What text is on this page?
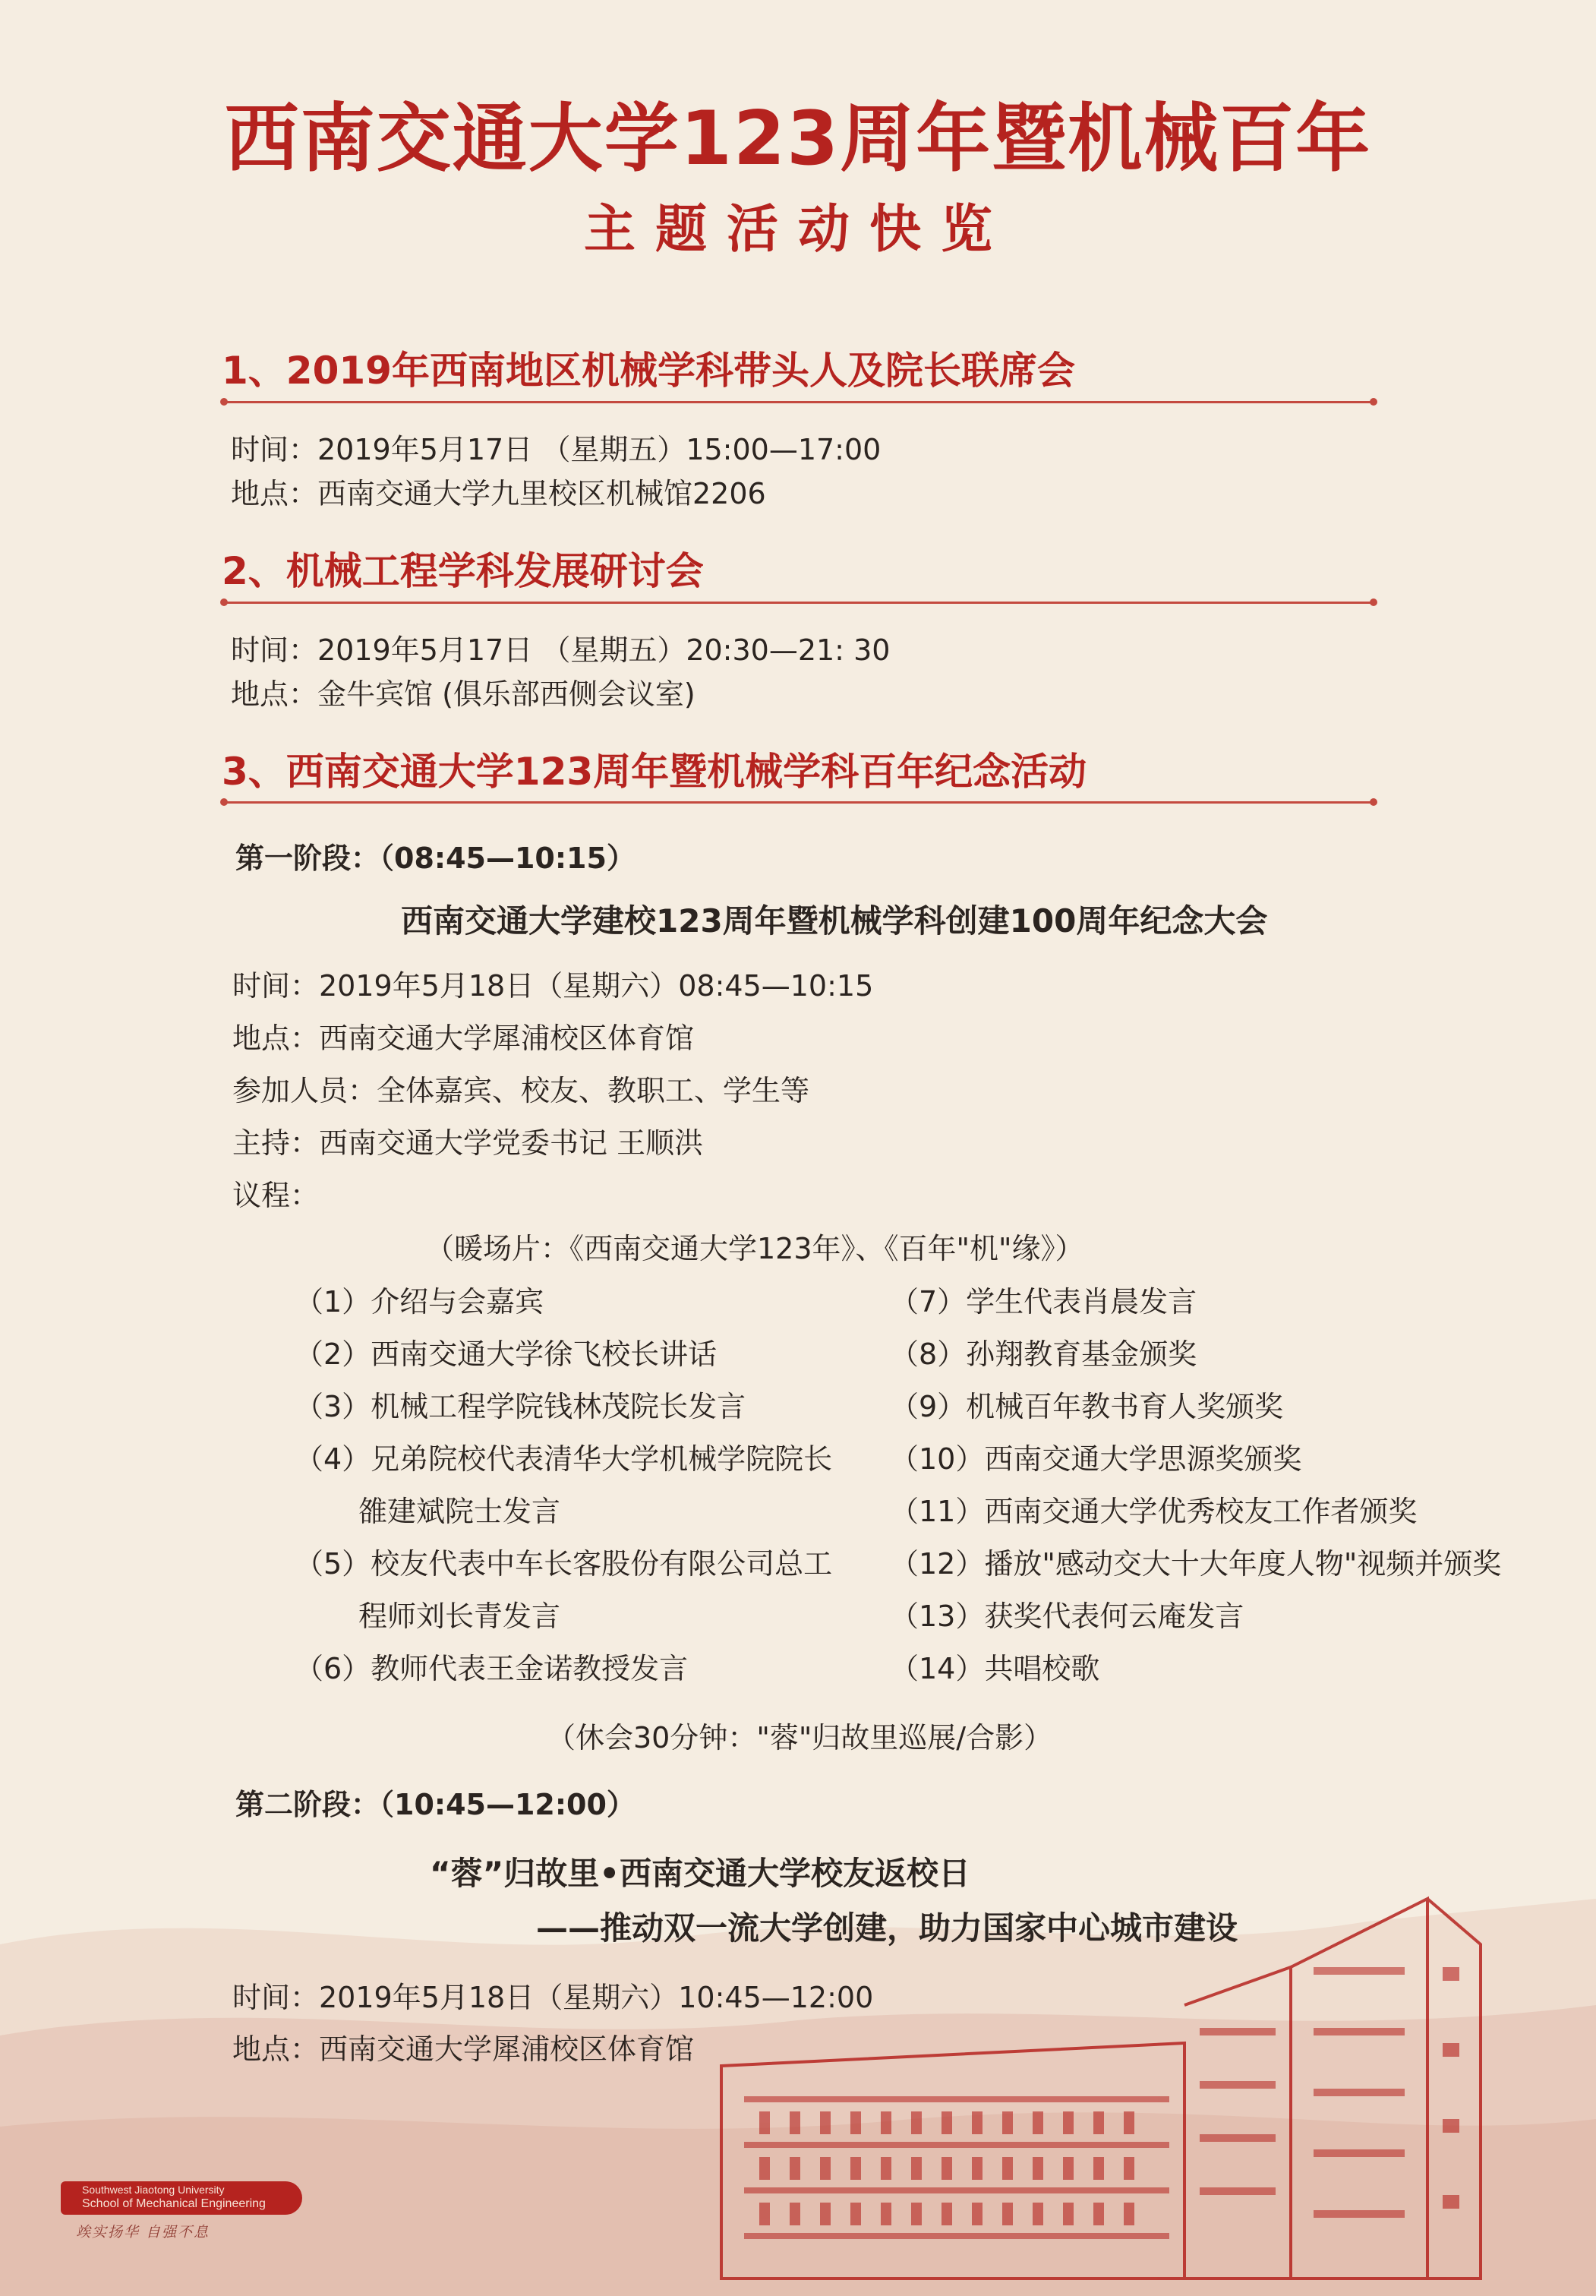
西南交通大学123周年暨机械百年
主题活动快览
1、2019年西南地区机械学科带头人及院长联席会
时间：2019年5月17日 （星期五）15:00—17:00
地点：西南交通大学九里校区机械馆2206
2、机械工程学科发展研讨会
时间：2019年5月17日 （星期五）20:30—21: 30
地点：金牛宾馆 (俱乐部西侧会议室)
3、西南交通大学123周年暨机械学科百年纪念活动
第一阶段：（08:45—10:15）
西南交通大学建校123周年暨机械学科创建100周年纪念大会
时间：2019年5月18日（星期六）08:45—10:15
地点：西南交通大学犀浦校区体育馆
参加人员：全体嘉宾、校友、教职工、学生等
主持：西南交通大学党委书记 王顺洪
议程：
（暖场片：《西南交通大学123年》、《百年"机"缘》）
（1）介绍与会嘉宾
（2）西南交通大学徐飞校长讲话
（3）机械工程学院钱林茂院长发言
（4）兄弟院校代表清华大学机械学院院长
雒建斌院士发言
（5）校友代表中车长客股份有限公司总工
程师刘长青发言
（6）教师代表王金诺教授发言
（7）学生代表肖晨发言
（8）孙翔教育基金颁奖
（9）机械百年教书育人奖颁奖
（10）西南交通大学思源奖颁奖
（11）西南交通大学优秀校友工作者颁奖
（12）播放"感动交大十大年度人物"视频并颁奖
（13）获奖代表何云庵发言
（14）共唱校歌
（休会30分钟："蓉"归故里巡展/合影）
第二阶段：（10:45—12:00）
“蓉”归故里•西南交通大学校友返校日
——推动双一流大学创建，助力国家中心城市建设
时间：2019年5月18日（星期六）10:45—12:00
地点：西南交通大学犀浦校区体育馆
Southwest Jiaotong University
School of Mechanical Engineering
竢实扬华 自强不息
